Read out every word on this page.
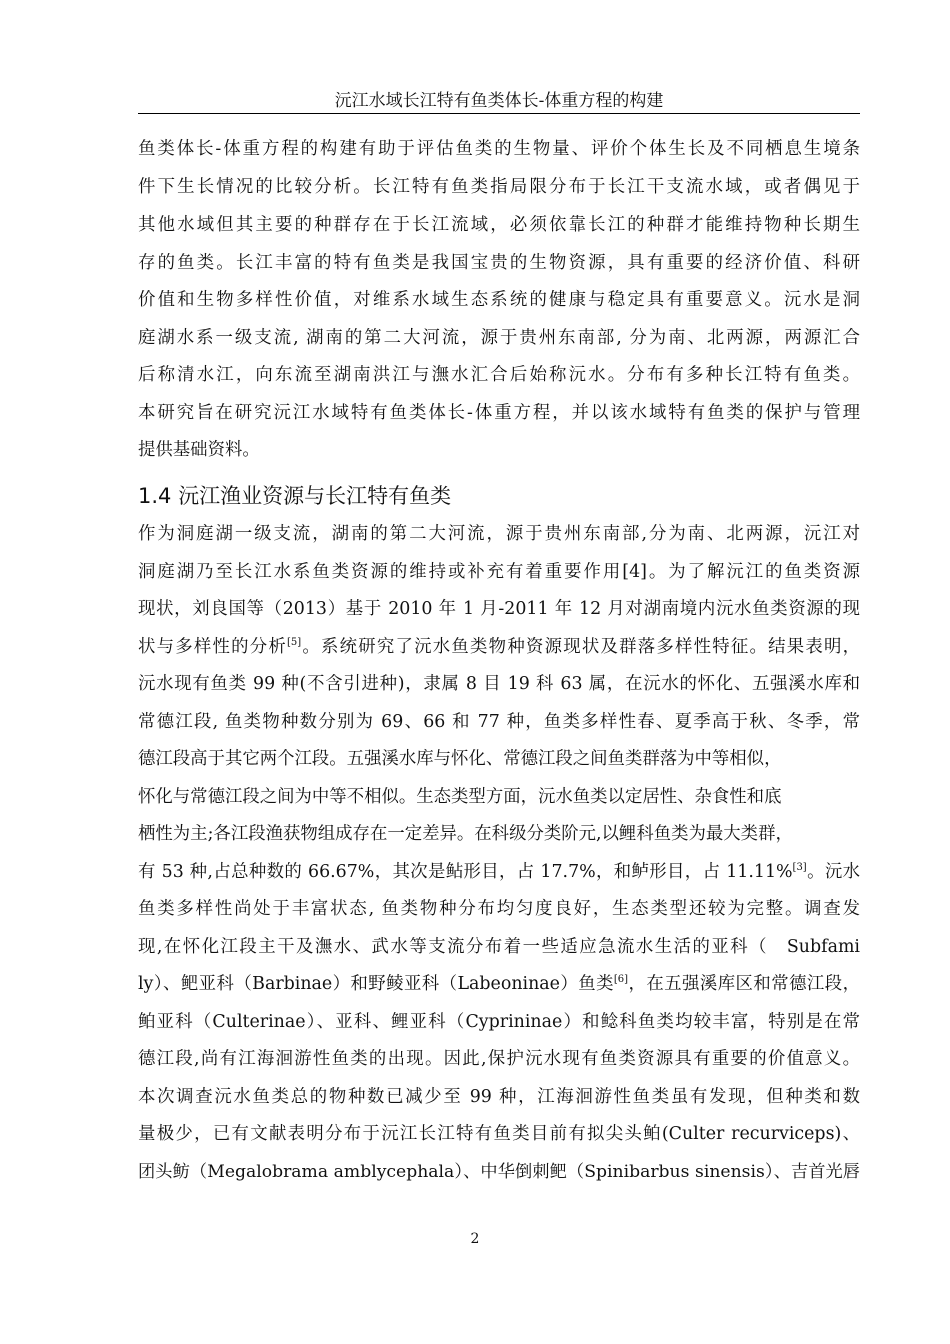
沅江水域长江特有鱼类体长-体重方程的构建
鱼类体长-体重方程的构建有助于评估鱼类的生物量、评价个体生长及不同栖息生境条
件下生长情况的比较分析。长江特有鱼类指局限分布于长江干支流水域，或者偶见于
其他水域但其主要的种群存在于长江流域，必须依靠长江的种群才能维持物种长期生
存的鱼类。长江丰富的特有鱼类是我国宝贵的生物资源，具有重要的经济价值、科研
价值和生物多样性价值，对维系水域生态系统的健康与稳定具有重要意义。沅水是洞
庭湖水系一级支流, 湖南的第二大河流，源于贵州东南部, 分为南、北两源，两源汇合
后称清水江，向东流至湖南洪江与潕水汇合后始称沅水。分布有多种长江特有鱼类。
本研究旨在研究沅江水域特有鱼类体长-体重方程，并以该水域特有鱼类的保护与管理
提供基础资料。
1.4 沅江渔业资源与长江特有鱼类
作为洞庭湖一级支流，湖南的第二大河流，源于贵州东南部,分为南、北两源，沅江对
洞庭湖乃至长江水系鱼类资源的维持或补充有着重要作用[4]。为了解沅江的鱼类资源
现状，刘良国等（2013）基于 2010 年 1 月-2011 年 12 月对湖南境内沅水鱼类资源的现
状与多样性的分析[5]。系统研究了沅水鱼类物种资源现状及群落多样性特征。结果表明，
沅水现有鱼类 99 种(不含引进种)，隶属 8 目 19 科 63 属，在沅水的怀化、五强溪水库和
常德江段, 鱼类物种数分别为 69、66 和 77 种，鱼类多样性春、夏季高于秋、冬季，常
德江段高于其它两个江段。五强溪水库与怀化、常德江段之间鱼类群落为中等相似，
怀化与常德江段之间为中等不相似。生态类型方面，沅水鱼类以定居性、杂食性和底
栖性为主;各江段渔获物组成存在一定差异。在科级分类阶元,以鲤科鱼类为最大类群，
有 53 种,占总种数的 66.67%，其次是鲇形目，占 17.7%，和鲈形目，占 11.11%[3]。沅水
鱼类多样性尚处于丰富状态, 鱼类物种分布均匀度良好，生态类型还较为完整。调查发
现,在怀化江段主干及潕水、武水等支流分布着一些适应急流水生活的亚科（　Subfami
ly）、鲃亚科（Barbinae）和野鲮亚科（Labeoninae）鱼类[6]，在五强溪库区和常德江段，
鲌亚科（Culterinae）、亚科、鲤亚科（Cyprininae）和鲶科鱼类均较丰富，特别是在常
德江段,尚有江海洄游性鱼类的出现。因此,保护沅水现有鱼类资源具有重要的价值意义。
本次调查沅水鱼类总的物种数已减少至 99 种，江海洄游性鱼类虽有发现，但种类和数
量极少，已有文献表明分布于沅江长江特有鱼类目前有拟尖头鲌(Culter recurviceps)、
团头鲂（Megalobrama amblycephala）、中华倒刺鲃（Spinibarbus sinensis）、吉首光唇
2
